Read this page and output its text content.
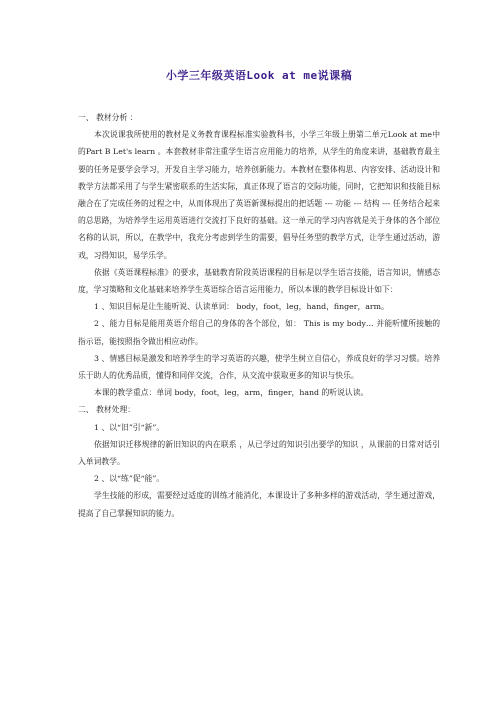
小学三年级英语Look at me说课稿

一、 教材分析 ：

本次说课我所使用的教材是义务教育课程标准实验教科书，小学三年级上册第二单元Look at me中的Part B Let's learn 。本套教材非常注重学生语言应用能力的培养，从学生的角度来讲，基础教育最主要的任务是要学会学习，开发自主学习能力，培养创新能力。本教材在整体构思、内容安排、活动设计和教学方法都采用了与学生紧密联系的生活实际，真正体现了语言的交际功能，同时，它把知识和技能目标融合在了完成任务的过程之中，从而体现出了英语新课标提出的把话题 --- 功能 --- 结构 --- 任务结合起来的总思路，为培养学生运用英语进行交流打下良好的基础。这一单元的学习内容就是关于身体的各个部位名称的认识，所以，在教学中，我充分考虑到学生的需要，倡导任务型的教学方式，让学生通过活动，游戏，习得知识，易学乐学。

依据《英语课程标准》的要求，基础教育阶段英语课程的目标是以学生语言技能，语言知识，情感态度，学习策略和文化基础来培养学生英语综合语言运用能力，所以本课的教学目标设计如下：

1 、知识目标是让生能听说、认读单词： body，foot，leg，hand，finger，arm。

2 、能力目标是能用英语介绍自己的身体的各个部位，如： This is my body… 并能听懂所接触的指示语，能按照指令做出相应动作。

3 、情感目标是激发和培养学生的学习英语的兴趣，使学生树立自信心，养成良好的学习习惯。培养乐于助人的优秀品质，懂得和同伴交流，合作，从交流中获取更多的知识与快乐。

本课的教学重点：单词 body，foot，leg，arm，finger，hand 的听说认读。

二、 教材处理：

1 、以“旧”引“新”。

依据知识迁移规律的新旧知识的内在联系 ，从已学过的知识引出要学的知识 ，从课前的日常对话引入单词教学。

2 、以“练”促“能”。

学生技能的形成，需要经过适度的训练才能消化，本课设计了多种多样的游戏活动，学生通过游戏，提高了自己掌握知识的能力。
